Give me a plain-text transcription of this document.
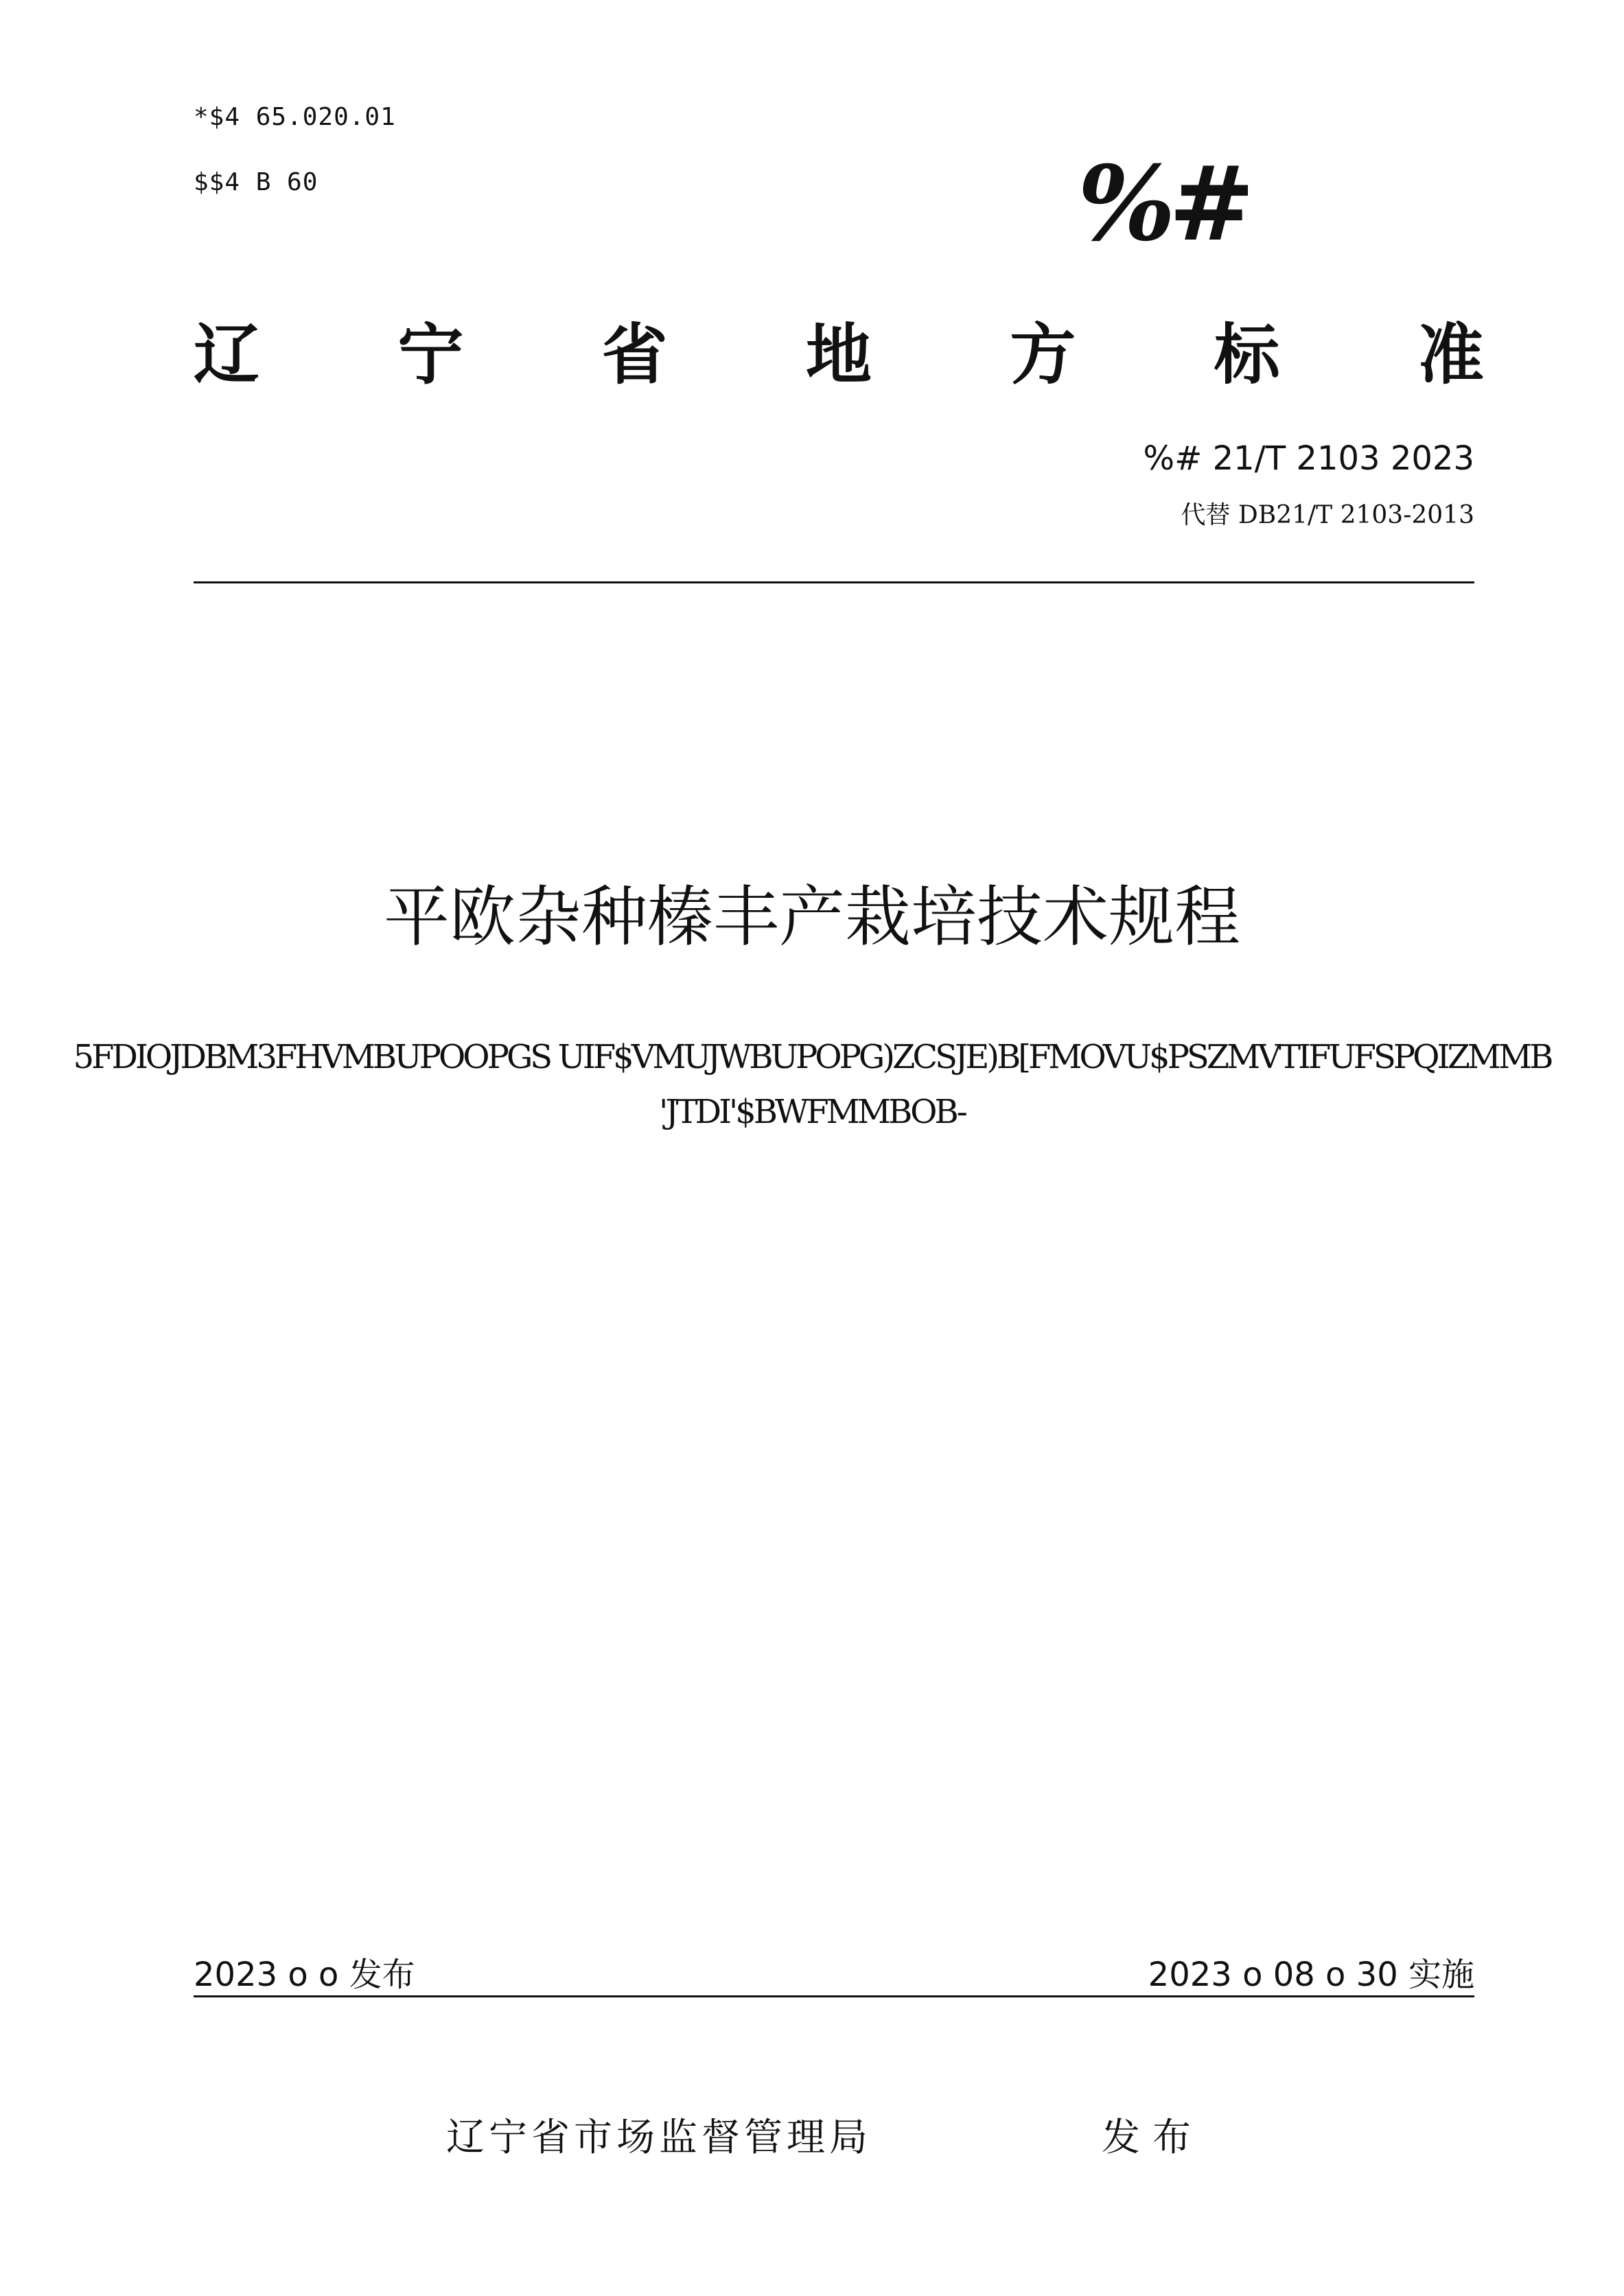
*$4 65.020.01
$$4 B 60	%#
辽 宁 省 地 方 标 准
%# 21/T 2103 2023
代替 DB21/T 2103-2013
平欧杂种榛丰产栽培技术规程
5FDIOJDBM3FHVMBUPOOPGS UIF$VMUJWBUPOPG)ZCSJE)B[FMOVU$PSZMVTIFUFSPQIZMMB
'JTDI'$BWFMMBOB-
2023 o o 发布	2023 o 08 o 30 实施
辽宁省市场监督管理局	发布
